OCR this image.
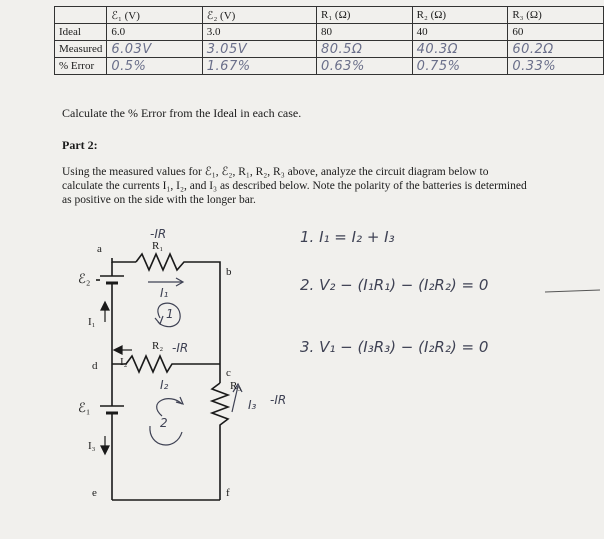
	ℰ₁ (V)	ℰ₂ (V)	R₁ (Ω)	R₂ (Ω)	R₃ (Ω)
Ideal	6.0	3.0	80	40	60
Measured	6.03V	3.05V	80.5Ω	40.3Ω	60.2Ω
% Error	0.5%	1.67%	0.63%	0.75%	0.33%
Calculate the % Error from the Ideal in each case.
Part 2:
Using the measured values for ℰ₁, ℰ₂, R₁, R₂, R₃ above, analyze the circuit diagram below to calculate the currents I₁, I₂, and I₃ as described below. Note the polarity of the batteries is determined as positive on the side with the longer bar.
1. I₁ = I₂ + I₃
2. V₂ − (I₁R₁) − (I₂R₂) = 0
3. V₁ − (I₃R₃) − (I₂R₂) = 0
a
b
c
d
e	f
R₁
R₂
R₃
ℰ₂
ℰ₁
I₁
I₂
I₃
-IR
-IR
I₃ -IR
I₁
1
I₂
2
